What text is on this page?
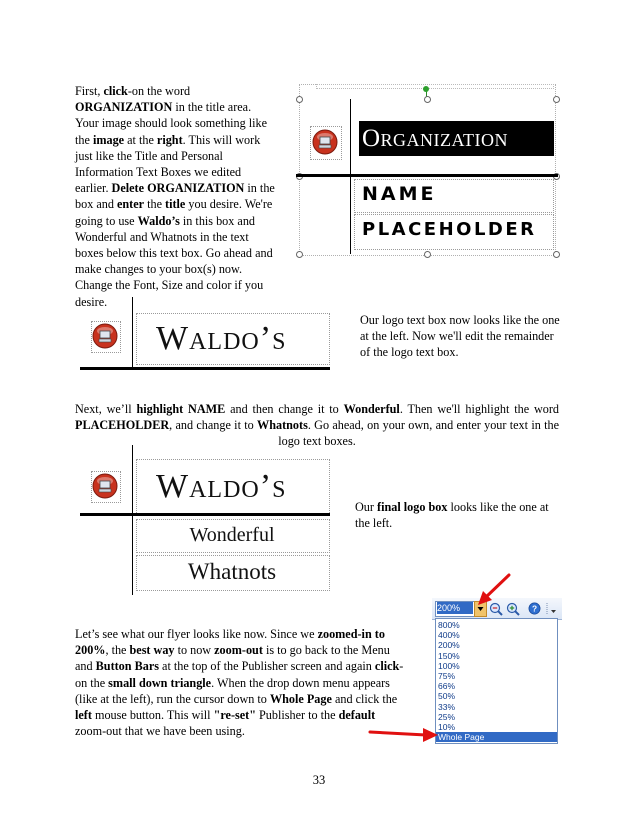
First, click-on the word ORGANIZATION in the title area. Your image should look something like the image at the right. This will work just like the Title and Personal Information Text Boxes we edited earlier. Delete ORGANIZATION in the box and enter the title you desire. We're going to use Waldo’s in this box and Wonderful and Whatnots in the text boxes below this text box. Go ahead and make changes to your box(s) now. Change the Font, Size and color if you desire.
Organization
NAME
PLACEHOLDER
Waldo’s	Our logo text box now looks like the one at the left. Now we'll edit the remainder of the logo text box.
Next, we’ll highlight NAME and then change it to Wonderful. Then we'll highlight the word PLACEHOLDER, and change it to Whatnots. Go ahead, on your own, and enter your text in the logo text boxes.
Waldo’s
Wonderful
Whatnots
Our final logo box looks like the one at the left.
Let’s see what our flyer looks like now. Since we zoomed-in to 200%, the best way to now zoom-out is to go back to the Menu and Button Bars at the top of the Publisher screen and again click-on the small down triangle. When the drop down menu appears (like at the left), run the cursor down to Whole Page and click the left mouse button. This will "re-set" Publisher to the default zoom-out that we have been using.
200%	?
800%
400%
200%
150%
100%
75%
66%
50%
33%
25%
10%
Whole Page
33
